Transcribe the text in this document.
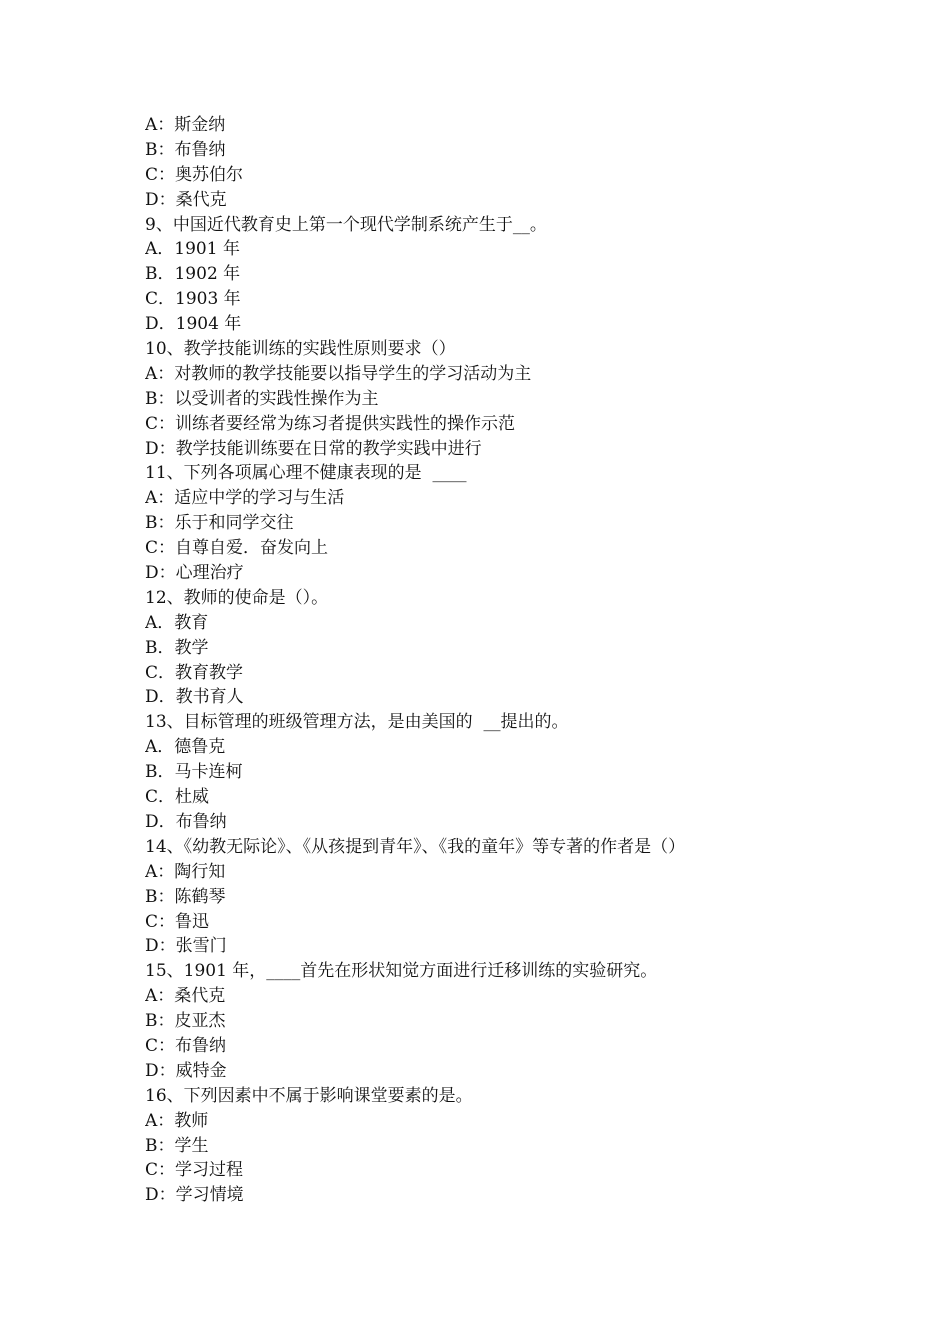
A：斯金纳
B：布鲁纳
C：奥苏伯尔
D：桑代克
9、中国近代教育史上第一个现代学制系统产生于__。
A．1901 年
B．1902 年
C．1903 年
D．1904 年
10、教学技能训练的实践性原则要求（）
A：对教师的教学技能要以指导学生的学习活动为主
B：以受训者的实践性操作为主
C：训练者要经常为练习者提供实践性的操作示范
D：教学技能训练要在日常的教学实践中进行
11、下列各项属心理不健康表现的是  ____
A：适应中学的学习与生活
B：乐于和同学交往
C：自尊自爱．奋发向上
D：心理治疗
12、教师的使命是（）。
A．教育
B．教学
C．教育教学
D．教书育人
13、目标管理的班级管理方法，是由美国的  __提出的。
A．德鲁克
B．马卡连柯
C．杜威
D．布鲁纳
14、《幼教无际论》、《从孩提到青年》、《我的童年》等专著的作者是（）
A：陶行知
B：陈鹤琴
C：鲁迅
D：张雪门
15、1901 年，____首先在形状知觉方面进行迁移训练的实验研究。
A：桑代克
B：皮亚杰
C：布鲁纳
D：威特金
16、下列因素中不属于影响课堂要素的是。
A：教师
B：学生
C：学习过程
D：学习情境
